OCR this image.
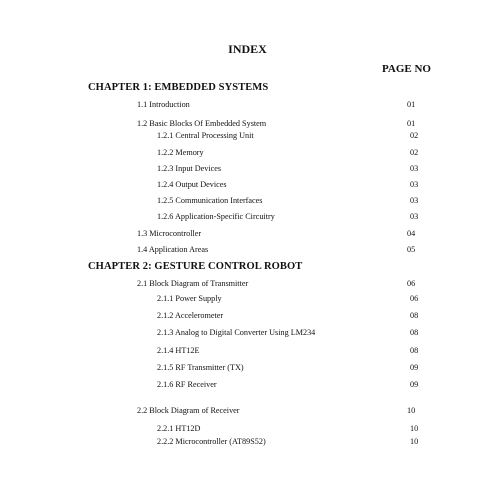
INDEX
PAGE NO
CHAPTER 1: EMBEDDED SYSTEMS
1.1 Introduction	01
1.2 Basic Blocks Of Embedded System	01
1.2.1 Central Processing Unit	02
1.2.2 Memory	02
1.2.3 Input Devices	03
1.2.4 Output Devices	03
1.2.5 Communication Interfaces	03
1.2.6 Application-Specific Circuitry	03
1.3 Microcontroller	04
1.4 Application Areas	05
CHAPTER 2: GESTURE CONTROL ROBOT
2.1 Block Diagram of Transmitter	06
2.1.1 Power Supply	06
2.1.2 Accelerometer	08
2.1.3 Analog to Digital Converter Using LM234	08
2.1.4 HT12E	08
2.1.5 RF Transmitter (TX)	09
2.1.6 RF Receiver	09
2.2 Block Diagram of Receiver	10
2.2.1 HT12D	10
2.2.2 Microcontroller (AT89S52)	10
